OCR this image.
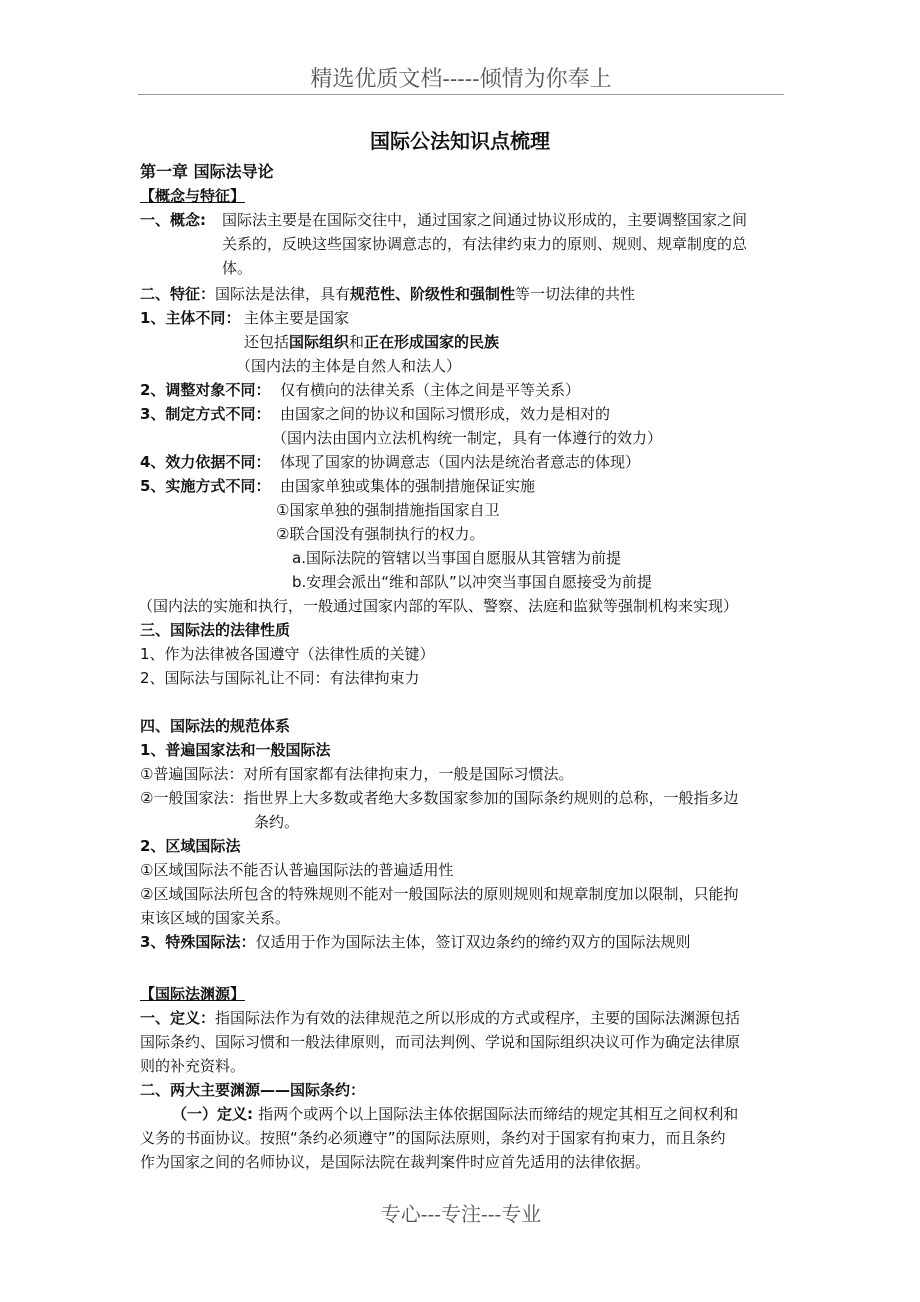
精选优质文档-----倾情为你奉上
国际公法知识点梳理
第一章 国际法导论
【概念与特征】
一、概念: 国际法主要是在国际交往中，通过国家之间通过协议形成的，主要调整国家之间
关系的，反映这些国家协调意志的，有法律约束力的原则、规则、规章制度的总
体。
二、特征：国际法是法律，具有规范性、阶级性和强制性等一切法律的共性
1、主体不同： 主体主要是国家
还包括国际组织和正在形成国家的民族
（国内法的主体是自然人和法人）
2、调整对象不同： 仅有横向的法律关系（主体之间是平等关系）
3、制定方式不同： 由国家之间的协议和国际习惯形成，效力是相对的
（国内法由国内立法机构统一制定，具有一体遵行的效力）
4、效力依据不同： 体现了国家的协调意志（国内法是统治者意志的体现）
5、实施方式不同： 由国家单独或集体的强制措施保证实施
①国家单独的强制措施指国家自卫
②联合国没有强制执行的权力。
a.国际法院的管辖以当事国自愿服从其管辖为前提
b.安理会派出“维和部队”以冲突当事国自愿接受为前提
（国内法的实施和执行，一般通过国家内部的军队、警察、法庭和监狱等强制机构来实现）
三、国际法的法律性质
1、作为法律被各国遵守（法律性质的关键）
2、国际法与国际礼让不同：有法律拘束力
四、国际法的规范体系
1、普遍国家法和一般国际法
①普遍国际法：对所有国家都有法律拘束力，一般是国际习惯法。
②一般国家法：指世界上大多数或者绝大多数国家参加的国际条约规则的总称，一般指多边
条约。
2、区域国际法
①区域国际法不能否认普遍国际法的普遍适用性
②区域国际法所包含的特殊规则不能对一般国际法的原则规则和规章制度加以限制，只能拘
束该区域的国家关系。
3、特殊国际法：仅适用于作为国际法主体，签订双边条约的缔约双方的国际法规则
【国际法渊源】
一、定义：指国际法作为有效的法律规范之所以形成的方式或程序，主要的国际法渊源包括
国际条约、国际习惯和一般法律原则，而司法判例、学说和国际组织决议可作为确定法律原
则的补充资料。
二、两大主要渊源——国际条约：
（一）定义: 指两个或两个以上国际法主体依据国际法而缔结的规定其相互之间权利和
义务的书面协议。按照“条约必须遵守”的国际法原则，条约对于国家有拘束力，而且条约
作为国家之间的名师协议，是国际法院在裁判案件时应首先适用的法律依据。
专心---专注---专业
